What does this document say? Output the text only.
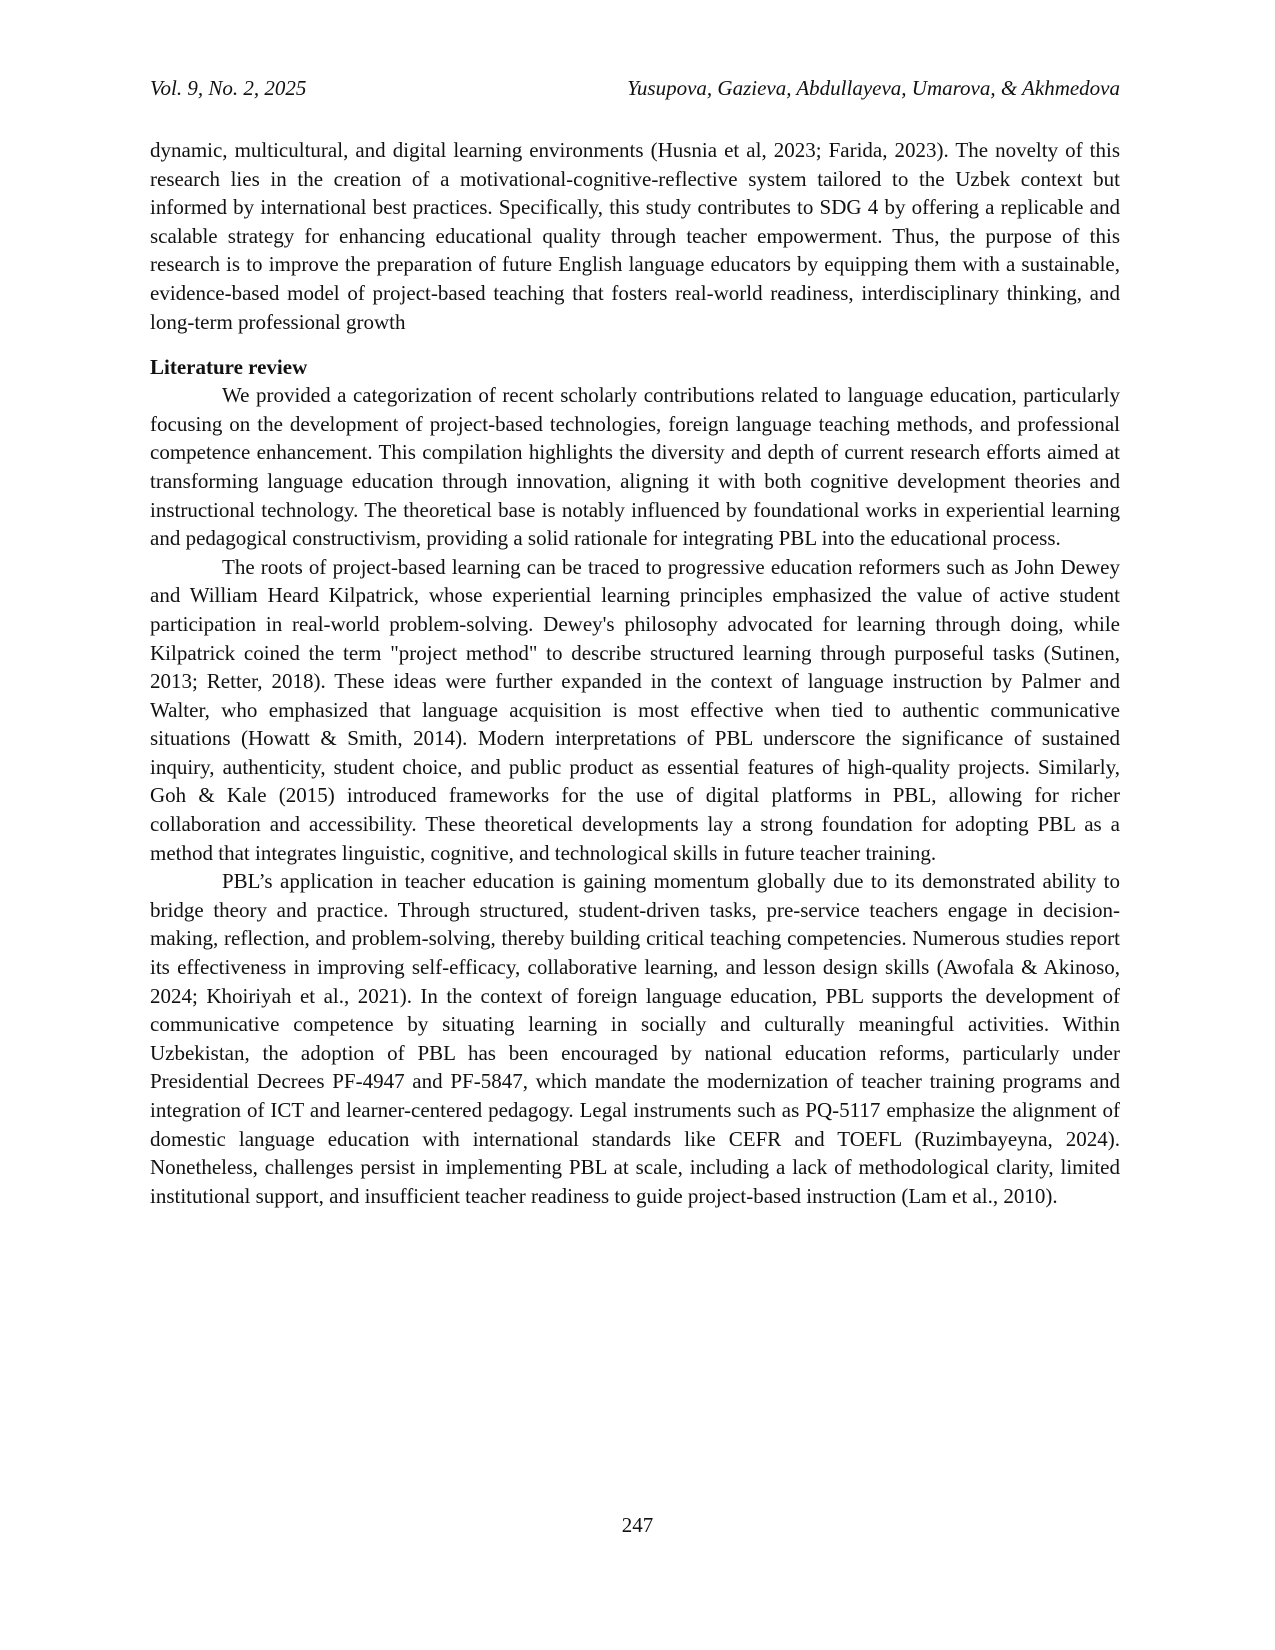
Vol. 9, No. 2, 2025	Yusupova, Gazieva, Abdullayeva, Umarova, & Akhmedova

dynamic, multicultural, and digital learning environments (Husnia et al, 2023; Farida, 2023). The novelty of this research lies in the creation of a motivational-cognitive-reflective system tailored to the Uzbek context but informed by international best practices. Specifically, this study contributes to SDG 4 by offering a replicable and scalable strategy for enhancing educational quality through teacher empowerment. Thus, the purpose of this research is to improve the preparation of future English language educators by equipping them with a sustainable, evidence-based model of project-based teaching that fosters real-world readiness, interdisciplinary thinking, and long-term professional growth

Literature review

We provided a categorization of recent scholarly contributions related to language education, particularly focusing on the development of project-based technologies, foreign language teaching methods, and professional competence enhancement. This compilation highlights the diversity and depth of current research efforts aimed at transforming language education through innovation, aligning it with both cognitive development theories and instructional technology. The theoretical base is notably influenced by foundational works in experiential learning and pedagogical constructivism, providing a solid rationale for integrating PBL into the educational process.

The roots of project-based learning can be traced to progressive education reformers such as John Dewey and William Heard Kilpatrick, whose experiential learning principles emphasized the value of active student participation in real-world problem-solving. Dewey's philosophy advocated for learning through doing, while Kilpatrick coined the term "project method" to describe structured learning through purposeful tasks (Sutinen, 2013; Retter, 2018). These ideas were further expanded in the context of language instruction by Palmer and Walter, who emphasized that language acquisition is most effective when tied to authentic communicative situations (Howatt & Smith, 2014). Modern interpretations of PBL underscore the significance of sustained inquiry, authenticity, student choice, and public product as essential features of high-quality projects. Similarly, Goh & Kale (2015) introduced frameworks for the use of digital platforms in PBL, allowing for richer collaboration and accessibility. These theoretical developments lay a strong foundation for adopting PBL as a method that integrates linguistic, cognitive, and technological skills in future teacher training.

PBL’s application in teacher education is gaining momentum globally due to its demonstrated ability to bridge theory and practice. Through structured, student-driven tasks, pre-service teachers engage in decision-making, reflection, and problem-solving, thereby building critical teaching competencies. Numerous studies report its effectiveness in improving self-efficacy, collaborative learning, and lesson design skills (Awofala & Akinoso, 2024; Khoiriyah et al., 2021). In the context of foreign language education, PBL supports the development of communicative competence by situating learning in socially and culturally meaningful activities. Within Uzbekistan, the adoption of PBL has been encouraged by national education reforms, particularly under Presidential Decrees PF-4947 and PF-5847, which mandate the modernization of teacher training programs and integration of ICT and learner-centered pedagogy. Legal instruments such as PQ-5117 emphasize the alignment of domestic language education with international standards like CEFR and TOEFL (Ruzimbayeyna, 2024). Nonetheless, challenges persist in implementing PBL at scale, including a lack of methodological clarity, limited institutional support, and insufficient teacher readiness to guide project-based instruction (Lam et al., 2010).

247
